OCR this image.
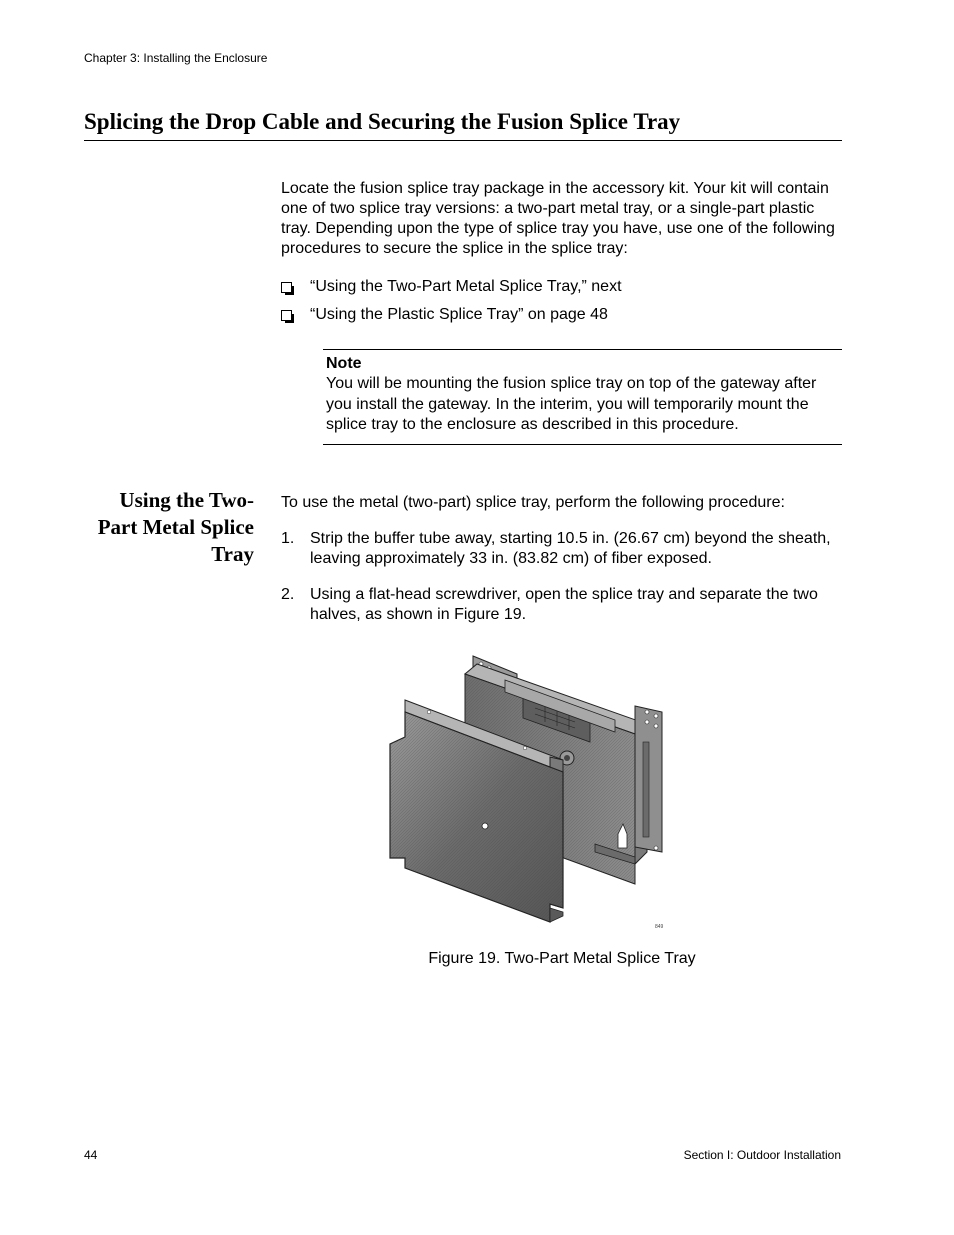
Chapter 3: Installing the Enclosure
Splicing the Drop Cable and Securing the Fusion Splice Tray

Locate the fusion splice tray package in the accessory kit. Your kit will contain one of two splice tray versions: a two-part metal tray, or a single-part plastic tray. Depending upon the type of splice tray you have, use one of the following procedures to secure the splice in the splice tray:

“Using the Two-Part Metal Splice Tray,” next
“Using the Plastic Splice Tray” on page 48
Note

You will be mounting the fusion splice tray on top of the gateway after you install the gateway. In the interim, you will temporarily mount the splice tray to the enclosure as described in this procedure.

Using the Two-Part Metal Splice Tray

To use the metal (two-part) splice tray, perform the following procedure:

1. Strip the buffer tube away, starting 10.5 in. (26.67 cm) beyond the sheath, leaving approximately 33 in. (83.82 cm) of fiber exposed.
2. Using a flat-head screwdriver, open the splice tray and separate the two halves, as shown in Figure 19.
849

Figure 19. Two-Part Metal Splice Tray

44	Section I: Outdoor Installation
